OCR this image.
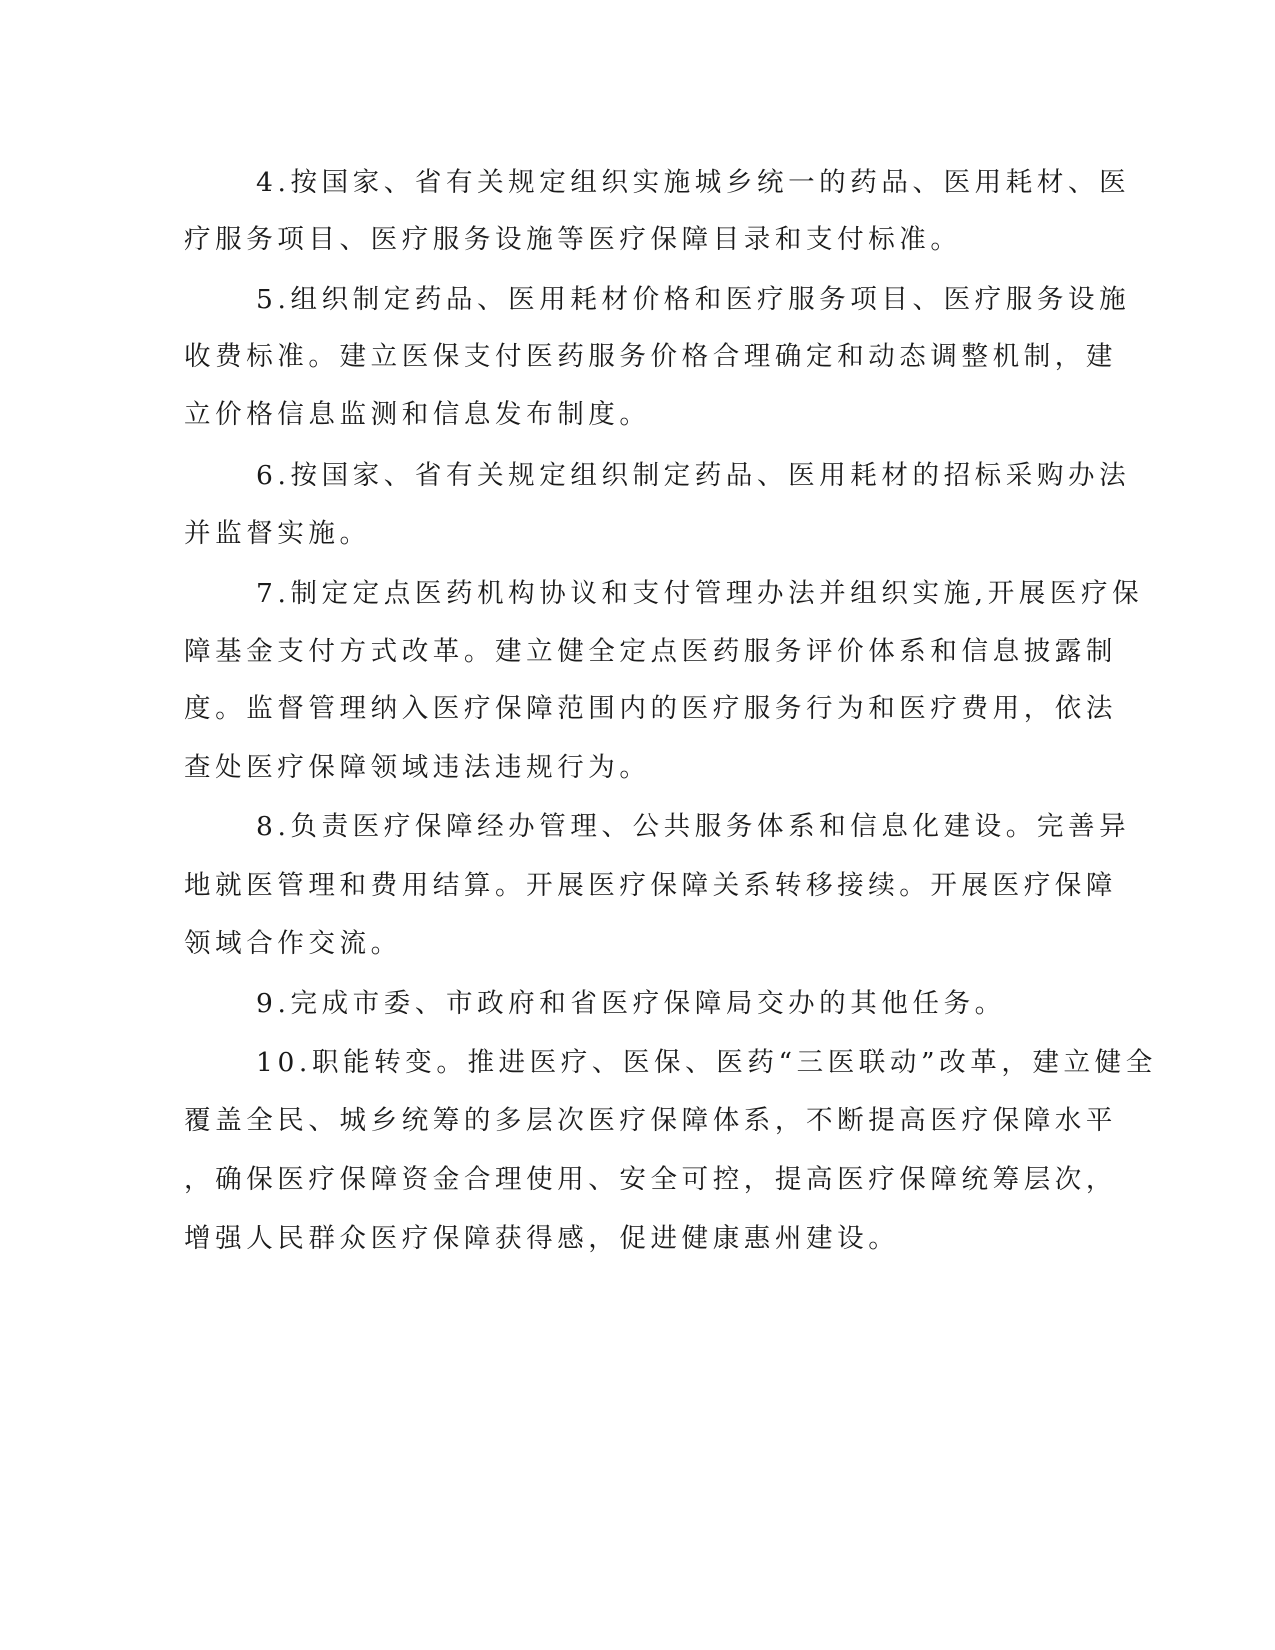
4.按国家、省有关规定组织实施城乡统一的药品、医用耗材、医
疗服务项目、医疗服务设施等医疗保障目录和支付标准。
5.组织制定药品、医用耗材价格和医疗服务项目、医疗服务设施
收费标准。建立医保支付医药服务价格合理确定和动态调整机制，建
立价格信息监测和信息发布制度。
6.按国家、省有关规定组织制定药品、医用耗材的招标采购办法
并监督实施。
7.制定定点医药机构协议和支付管理办法并组织实施,开展医疗保
障基金支付方式改革。建立健全定点医药服务评价体系和信息披露制
度。监督管理纳入医疗保障范围内的医疗服务行为和医疗费用，依法
查处医疗保障领域违法违规行为。
8.负责医疗保障经办管理、公共服务体系和信息化建设。完善异
地就医管理和费用结算。开展医疗保障关系转移接续。开展医疗保障
领域合作交流。
9.完成市委、市政府和省医疗保障局交办的其他任务。
10.职能转变。推进医疗、医保、医药“三医联动”改革，建立健全
覆盖全民、城乡统筹的多层次医疗保障体系，不断提高医疗保障水平
，确保医疗保障资金合理使用、安全可控，提高医疗保障统筹层次，
增强人民群众医疗保障获得感，促进健康惠州建设。
